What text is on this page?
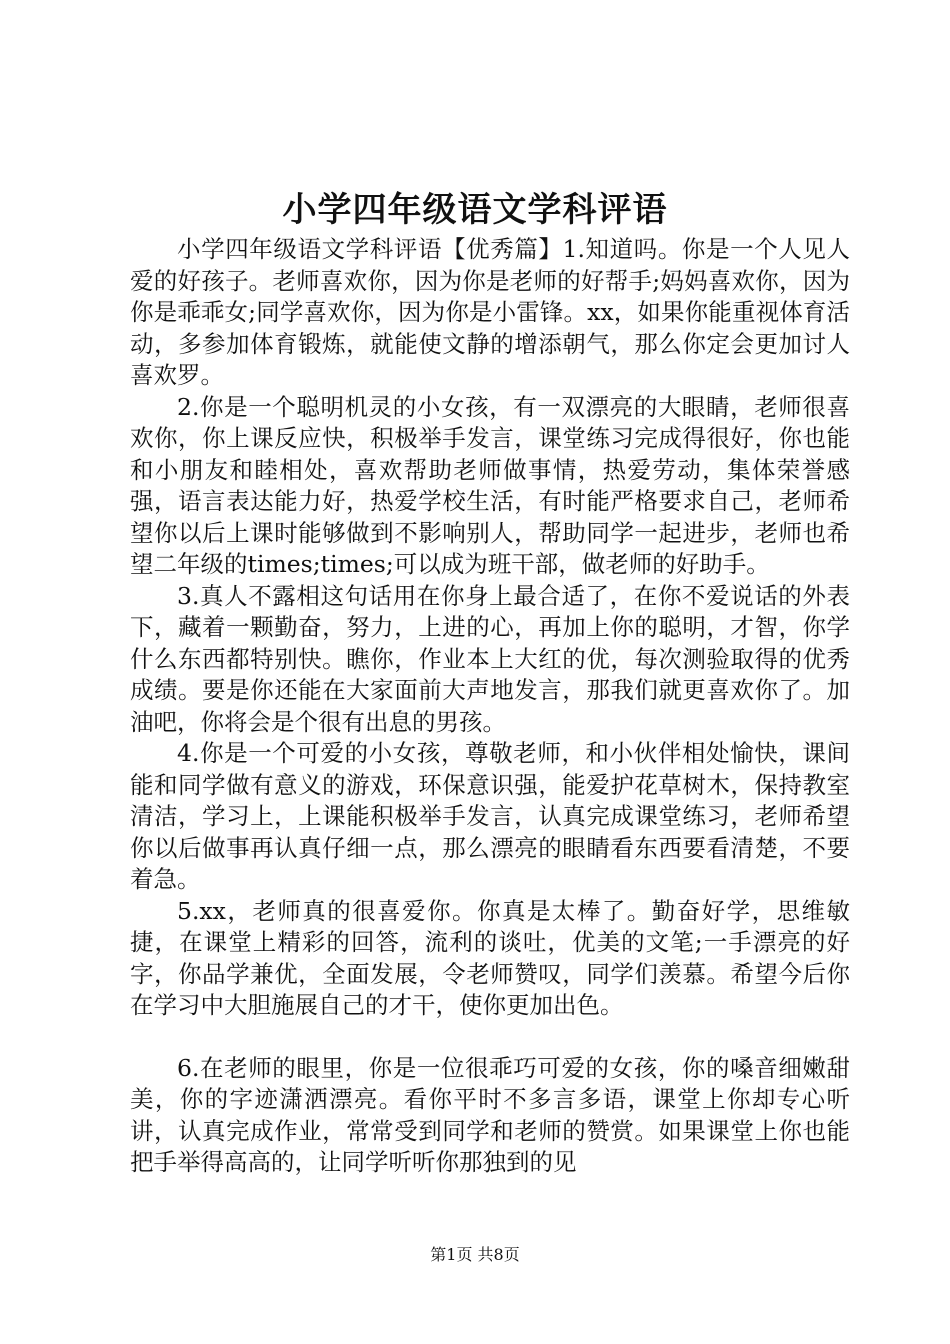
小学四年级语文学科评语

小学四年级语文学科评语【优秀篇】1.知道吗。你是一个人见人爱的好孩子。老师喜欢你，因为你是老师的好帮手;妈妈喜欢你，因为你是乖乖女;同学喜欢你，因为你是小雷锋。xx，如果你能重视体育活动，多参加体育锻炼，就能使文静的增添朝气，那么你定会更加讨人喜欢罗。

2.你是一个聪明机灵的小女孩，有一双漂亮的大眼睛，老师很喜欢你，你上课反应快，积极举手发言，课堂练习完成得很好，你也能和小朋友和睦相处，喜欢帮助老师做事情，热爱劳动，集体荣誉感强，语言表达能力好，热爱学校生活，有时能严格要求自己，老师希望你以后上课时能够做到不影响别人，帮助同学一起进步，老师也希望二年级的times;times;可以成为班干部，做老师的好助手。

3.真人不露相这句话用在你身上最合适了，在你不爱说话的外表下，藏着一颗勤奋，努力，上进的心，再加上你的聪明，才智，你学什么东西都特别快。瞧你，作业本上大红的优，每次测验取得的优秀成绩。要是你还能在大家面前大声地发言，那我们就更喜欢你了。加油吧，你将会是个很有出息的男孩。

4.你是一个可爱的小女孩，尊敬老师，和小伙伴相处愉快，课间能和同学做有意义的游戏，环保意识强，能爱护花草树木，保持教室清洁，学习上，上课能积极举手发言，认真完成课堂练习，老师希望你以后做事再认真仔细一点，那么漂亮的眼睛看东西要看清楚，不要着急。

5.xx，老师真的很喜爱你。你真是太棒了。勤奋好学，思维敏捷，在课堂上精彩的回答，流利的谈吐，优美的文笔;一手漂亮的好字，你品学兼优，全面发展，令老师赞叹，同学们羡慕。希望今后你在学习中大胆施展自己的才干，使你更加出色。

6.在老师的眼里，你是一位很乖巧可爱的女孩，你的嗓音细嫩甜美，你的字迹潇洒漂亮。看你平时不多言多语，课堂上你却专心听讲，认真完成作业，常常受到同学和老师的赞赏。如果课堂上你也能把手举得高高的，让同学听听你那独到的见

第1页 共8页
